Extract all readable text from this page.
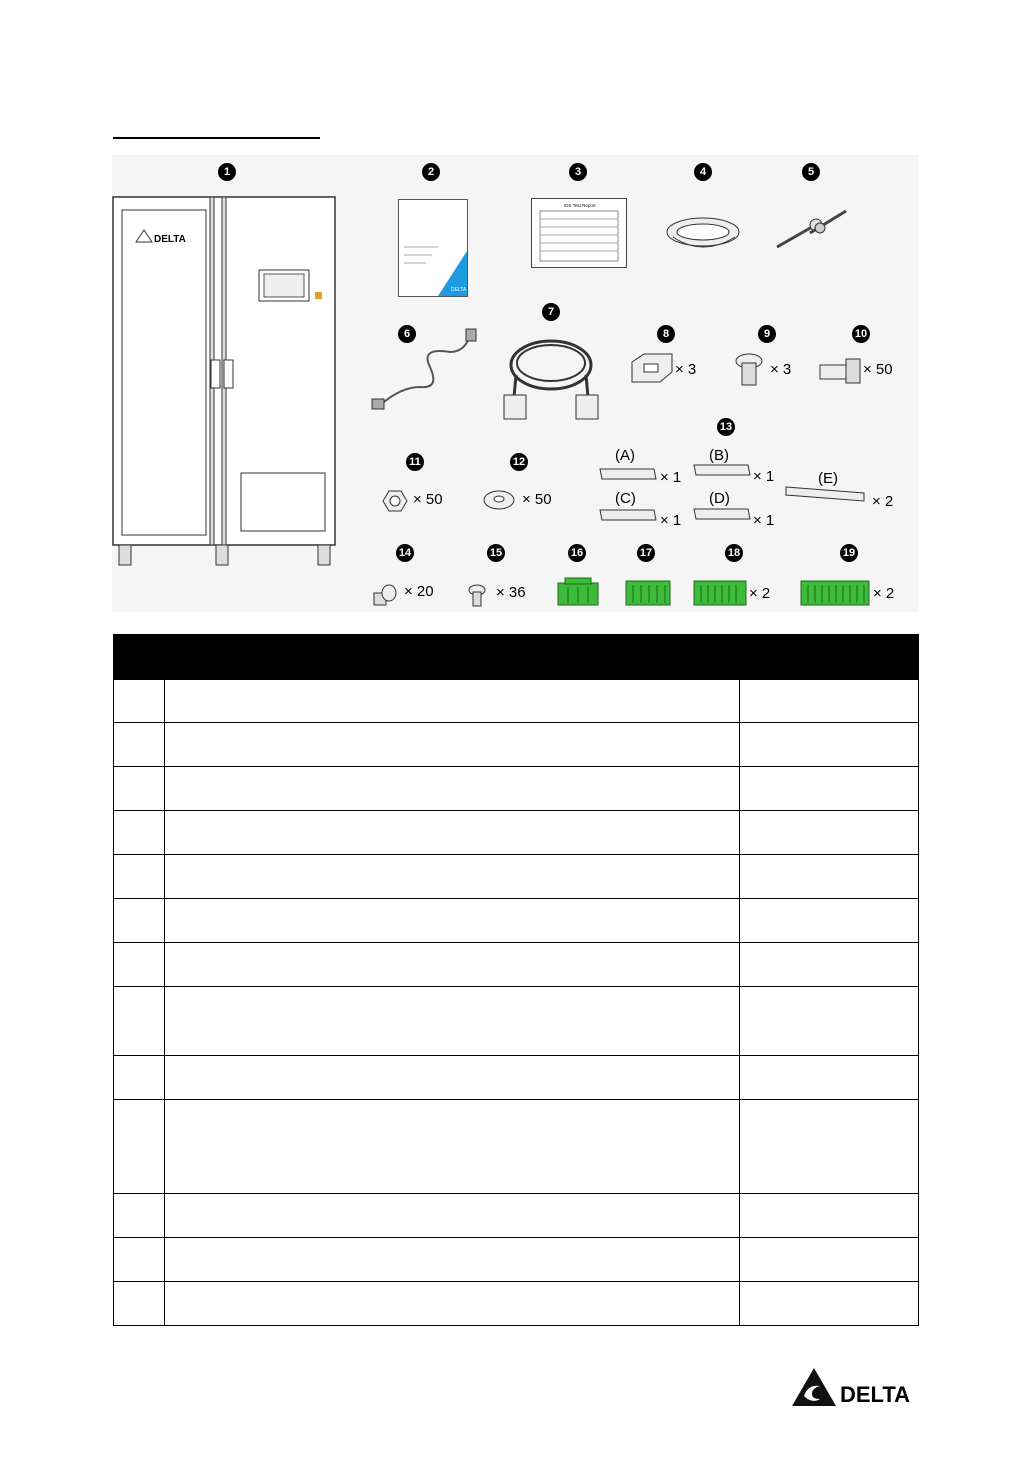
1
DELTA
2
DELTA
3
IDS Test Report
4	5
6
7
8
× 3
9
× 3
10
× 50
11
× 50
12
× 50
13
(A)	(B)
(C)	(D)
(E)
× 1	× 1
× 1	× 1
× 2
14
× 20
15
× 36
16	17	18
× 2
19
× 2

DELTA
